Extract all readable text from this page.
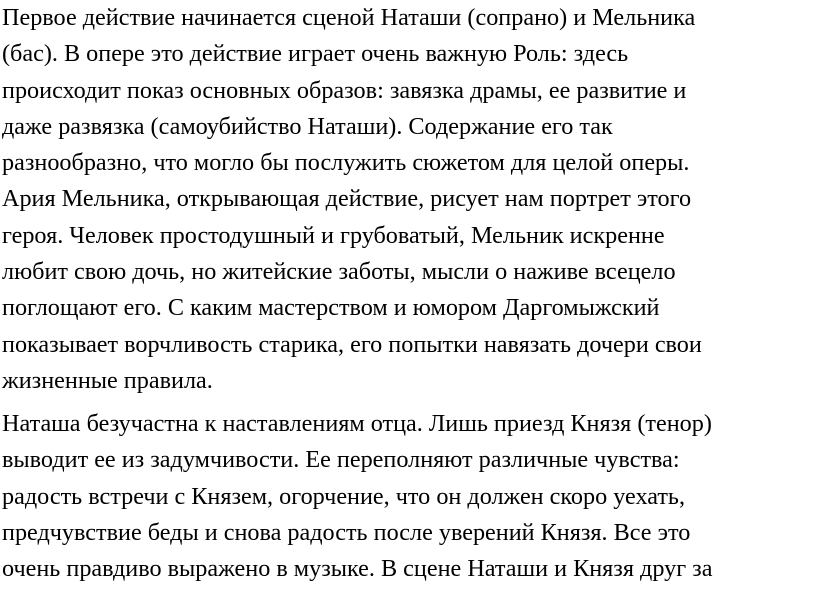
Первое действие начинается сценой Наташи (сопрано) и Мельника
(бас). В опере это действие играет очень важную Роль: здесь
происходит показ основных образов: завязка драмы, ее развитие и
даже развязка (самоубийство Наташи). Содержание его так
разнообразно, что могло бы послужить сюжетом для целой оперы.
Ария Мельника, открывающая действие, рисует нам портрет этого
героя. Человек простодушный и грубоватый, Мельник искренне
любит свою дочь, но житейские заботы, мысли о наживе всецело
поглощают его. С каким мастерством и юмором Даргомыжский
показывает ворчливость старика, его попытки навязать дочери свои
жизненные правила.
Наташа безучастна к наставлениям отца. Лишь приезд Князя (тенор)
выводит ее из задумчивости. Ее переполняют различные чувства:
радость встречи с Князем, огорчение, что он должен скоро уехать,
предчувствие беды и снова радость после уверений Князя. Все это
очень правдиво выражено в музыке. В сцене Наташи и Князя друг за
